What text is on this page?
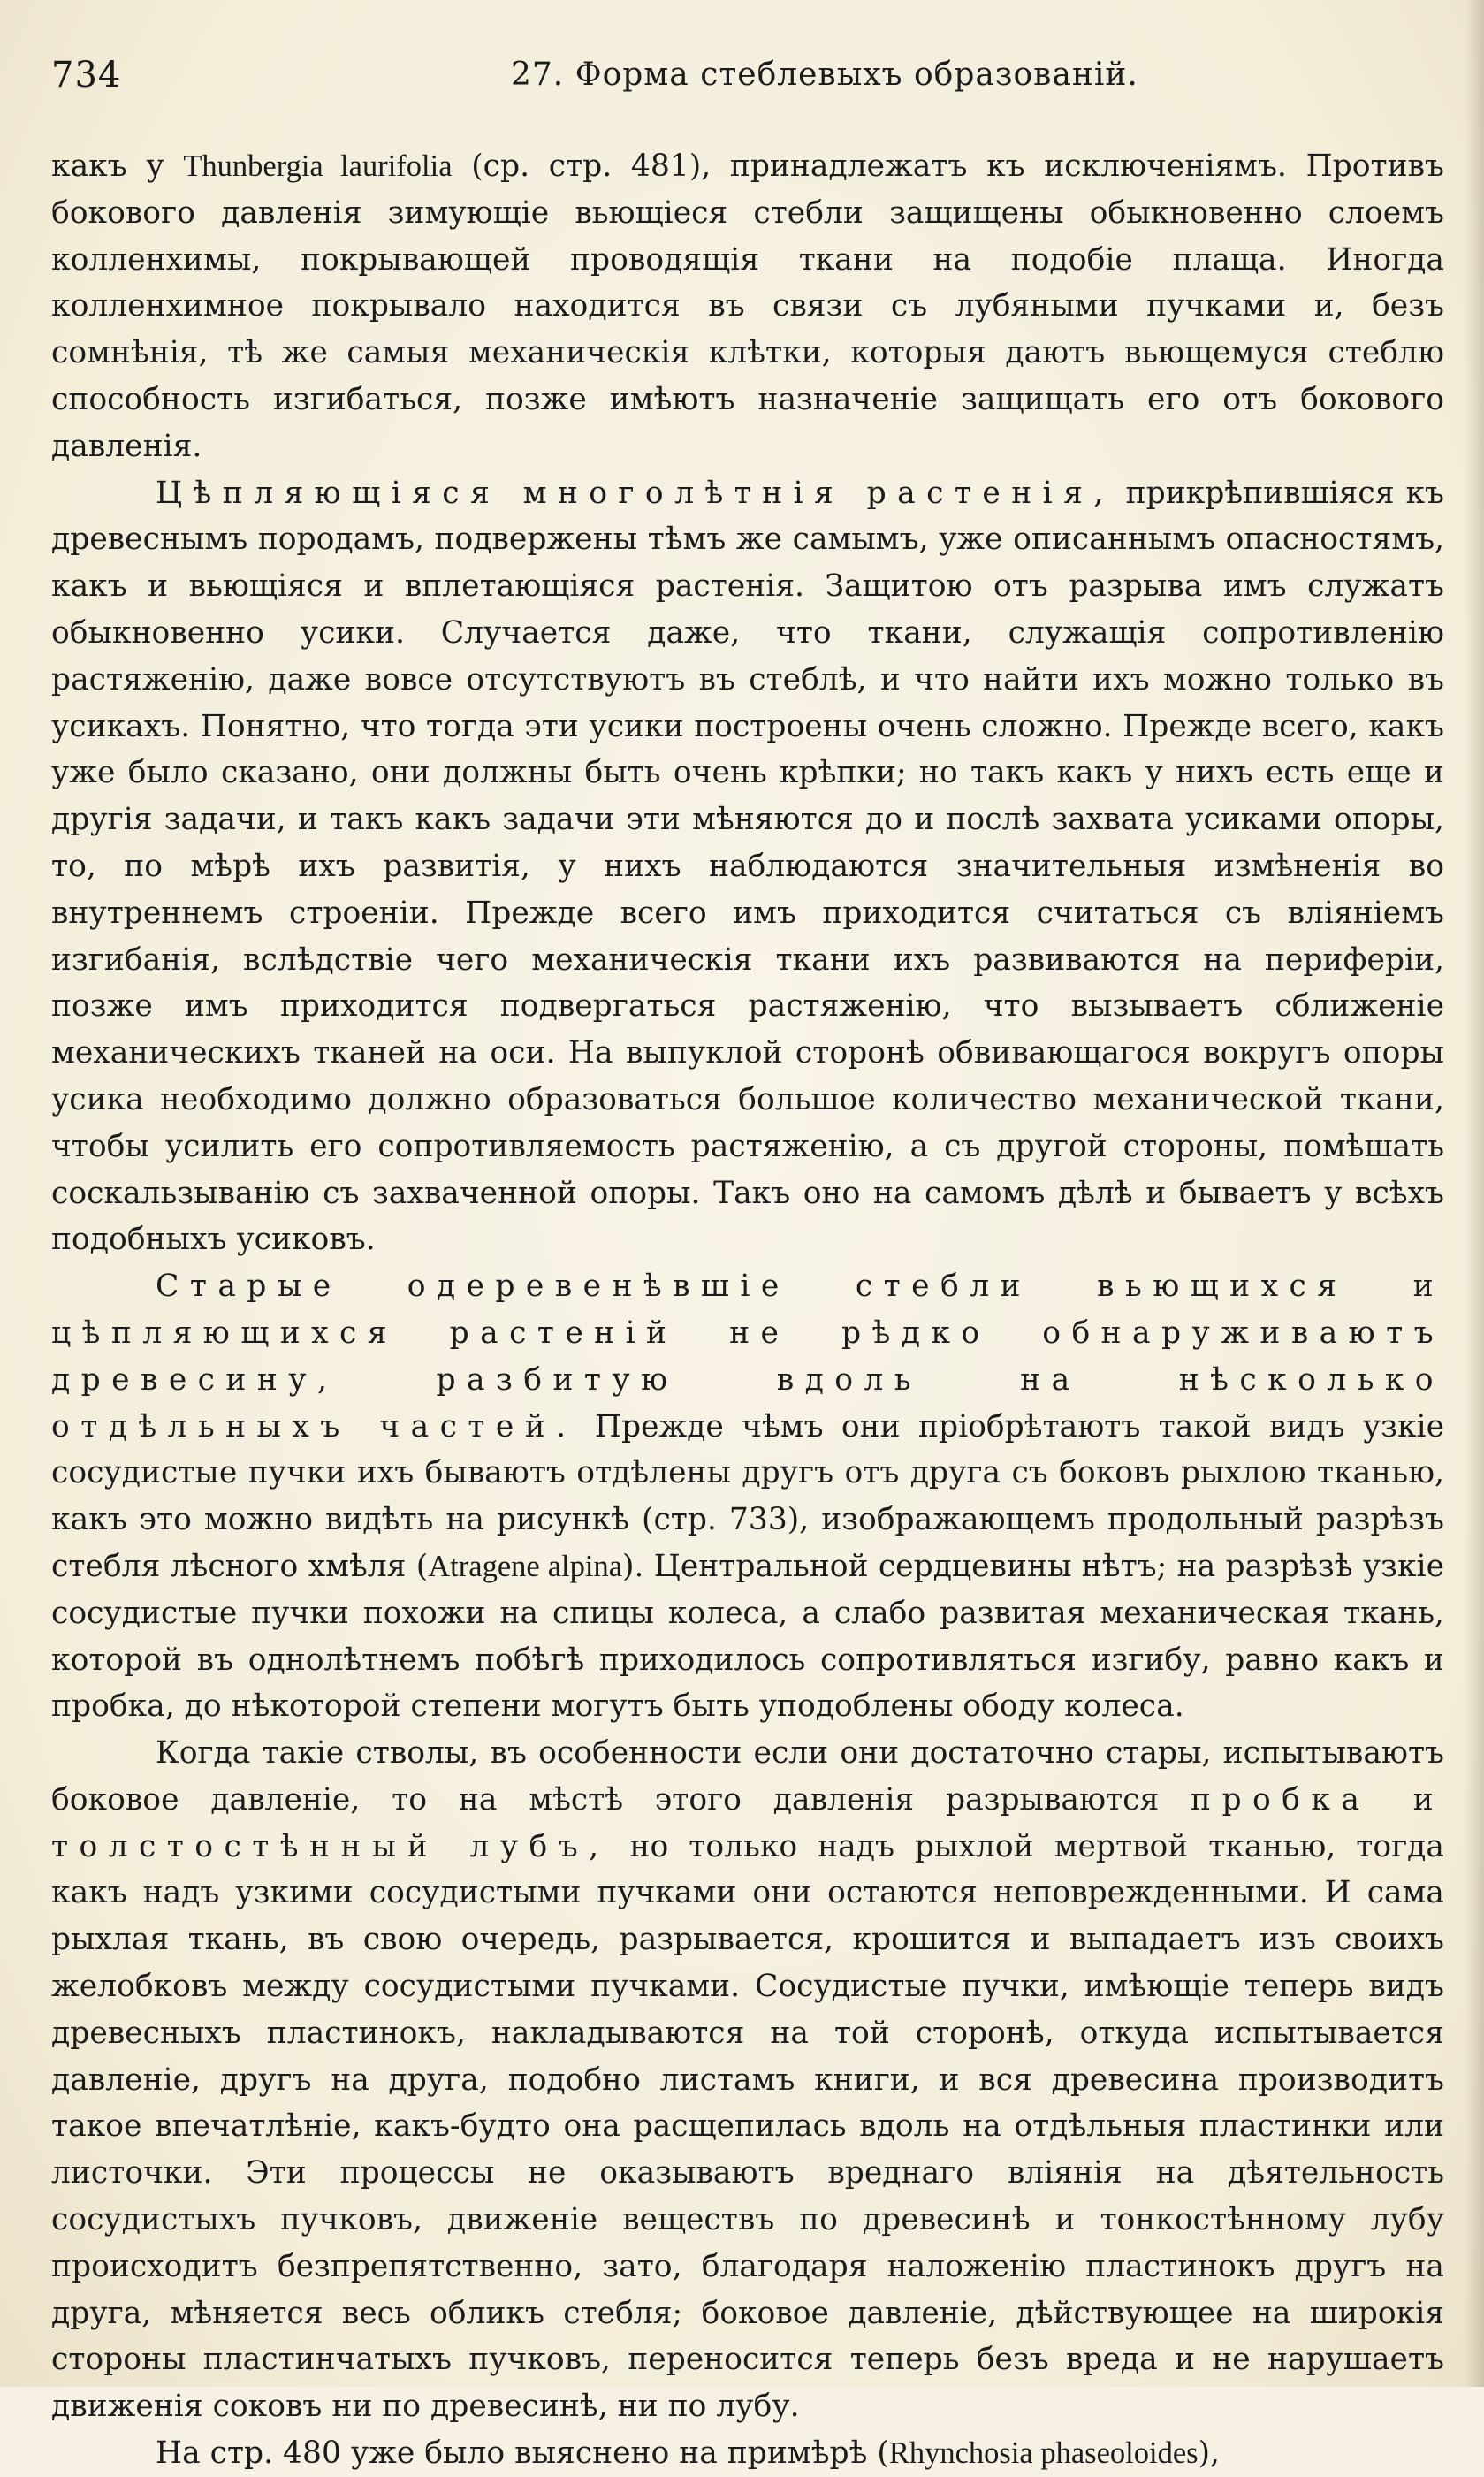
734	27. Форма стеблевыхъ образованій.

какъ у Thunbergia laurifolia (ср. стр. 481), принадлежатъ къ исключеніямъ. Противъ бокового давленія зимующіе вьющіеся стебли защищены обыкновенно слоемъ колленхимы, покрывающей проводящія ткани на подобіе плаща. Иногда колленхимное покрывало находится въ связи съ лубяными пучками и, безъ сомнѣнія, тѣ же самыя механическія клѣтки, которыя даютъ вьющемуся стеблю способность изгибаться, позже имѣютъ назначеніе защищать его отъ бокового давленія.

Цѣпляющіяся многолѣтнія растенія, прикрѣпившіяся къ древеснымъ породамъ, подвержены тѣмъ же самымъ, уже описаннымъ опасностямъ, какъ и вьющіяся и вплетающіяся растенія. Защитою отъ разрыва имъ служатъ обыкновенно усики. Случается даже, что ткани, служащія сопротивленію растяженію, даже вовсе отсутствуютъ въ стеблѣ, и что найти ихъ можно только въ усикахъ. Понятно, что тогда эти усики построены очень сложно. Прежде всего, какъ уже было сказано, они должны быть очень крѣпки; но такъ какъ у нихъ есть еще и другія задачи, и такъ какъ задачи эти мѣняются до и послѣ захвата усиками опоры, то, по мѣрѣ ихъ развитія, у нихъ наблюдаются значительныя измѣненія во внутреннемъ строеніи. Прежде всего имъ приходится считаться съ вліяніемъ изгибанія, вслѣдствіе чего механическія ткани ихъ развиваются на периферіи, позже имъ приходится подвергаться растяженію, что вызываетъ сближеніе механическихъ тканей на оси. На выпуклой сторонѣ обвивающагося вокругъ опоры усика необходимо должно образоваться большое количество механической ткани, чтобы усилить его сопротивляемость растяженію, а съ другой стороны, помѣшать соскальзыванію съ захваченной опоры. Такъ оно на самомъ дѣлѣ и бываетъ у всѣхъ подобныхъ усиковъ.

Старые одеревенѣвшіе стебли вьющихся и цѣпляющихся растеній не рѣдко обнаруживаютъ древесину, разбитую вдоль на нѣсколько отдѣльныхъ частей. Прежде чѣмъ они пріобрѣтаютъ такой видъ узкіе сосудистые пучки ихъ бываютъ отдѣлены другъ отъ друга съ боковъ рыхлою тканью, какъ это можно видѣть на рисункѣ (стр. 733), изображающемъ продольный разрѣзъ стебля лѣсного хмѣля (Atragene alpina). Центральной сердцевины нѣтъ; на разрѣзѣ узкіе сосудистые пучки похожи на спицы колеса, а слабо развитая механическая ткань, которой въ однолѣтнемъ побѣгѣ приходилось сопротивляться изгибу, равно какъ и пробка, до нѣкоторой степени могутъ быть уподоблены ободу колеса.

Когда такіе стволы, въ особенности если они достаточно стары, испытываютъ боковое давленіе, то на мѣстѣ этого давленія разрываются пробка и толстостѣнный лубъ, но только надъ рыхлой мертвой тканью, тогда какъ надъ узкими сосудистыми пучками они остаются неповрежденными. И сама рыхлая ткань, въ свою очередь, разрывается, крошится и выпадаетъ изъ своихъ желобковъ между сосудистыми пучками. Сосудистые пучки, имѣющіе теперь видъ древесныхъ пластинокъ, накладываются на той сторонѣ, откуда испытывается давленіе, другъ на друга, подобно листамъ книги, и вся древесина производитъ такое впечатлѣніе, какъ-будто она расщепилась вдоль на отдѣльныя пластинки или листочки. Эти процессы не оказываютъ вреднаго вліянія на дѣятельность сосудистыхъ пучковъ, движеніе веществъ по древесинѣ и тонкостѣнному лубу происходитъ безпрепятственно, зато, благодаря наложенію пластинокъ другъ на друга, мѣняется весь обликъ стебля; боковое давленіе, дѣйствующее на широкія стороны пластинчатыхъ пучковъ, переносится теперь безъ вреда и не нарушаетъ движенія соковъ ни по древесинѣ, ни по лубу.

На стр. 480 уже было выяснено на примѣрѣ (Rhynchosia phaseoloides),
